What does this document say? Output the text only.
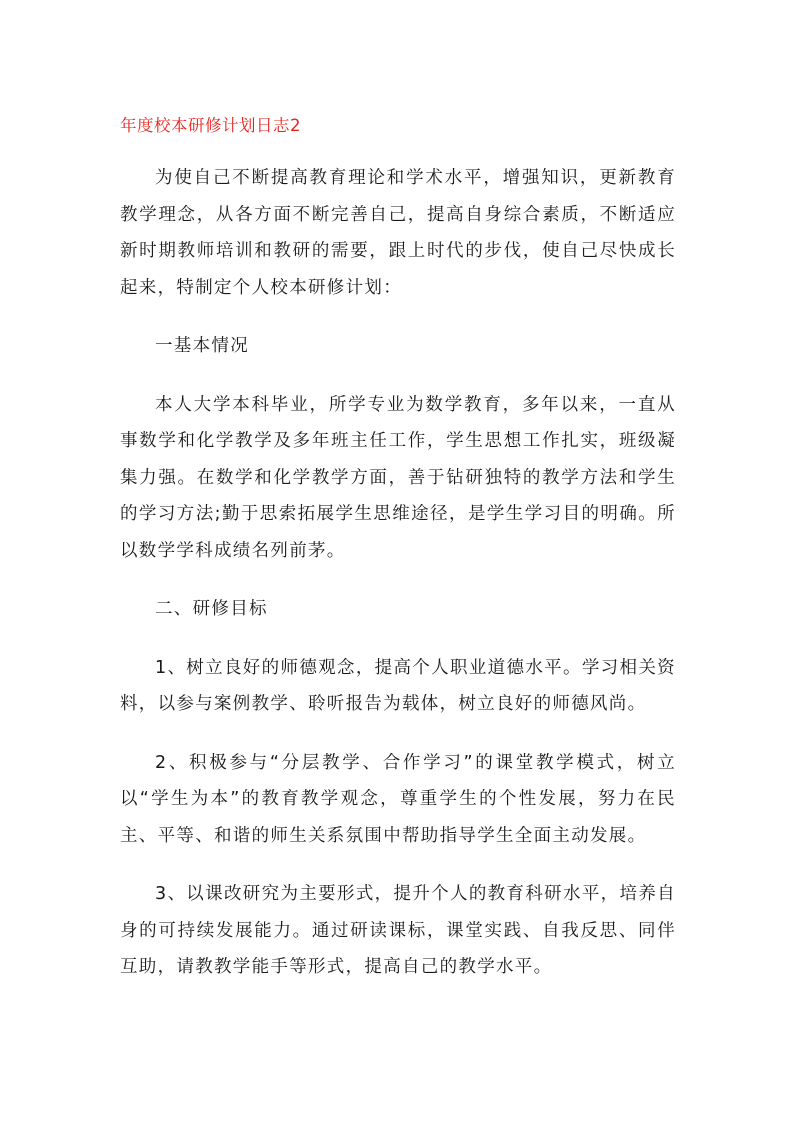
年度校本研修计划日志2

为使自己不断提高教育理论和学术水平，增强知识，更新教育教学理念，从各方面不断完善自己，提高自身综合素质，不断适应新时期教师培训和教研的需要，跟上时代的步伐，使自己尽快成长起来，特制定个人校本研修计划：

一基本情况

本人大学本科毕业，所学专业为数学教育，多年以来，一直从事数学和化学教学及多年班主任工作，学生思想工作扎实，班级凝集力强。在数学和化学教学方面，善于钻研独特的教学方法和学生的学习方法;勤于思索拓展学生思维途径，是学生学习目的明确。所以数学学科成绩名列前茅。

二、研修目标

1、树立良好的师德观念，提高个人职业道德水平。学习相关资料，以参与案例教学、聆听报告为载体，树立良好的师德风尚。

2、积极参与“分层教学、合作学习”的课堂教学模式，树立以“学生为本”的教育教学观念，尊重学生的个性发展，努力在民主、平等、和谐的师生关系氛围中帮助指导学生全面主动发展。

3、以课改研究为主要形式，提升个人的教育科研水平，培养自身的可持续发展能力。通过研读课标，课堂实践、自我反思、同伴互助，请教教学能手等形式，提高自己的教学水平。
